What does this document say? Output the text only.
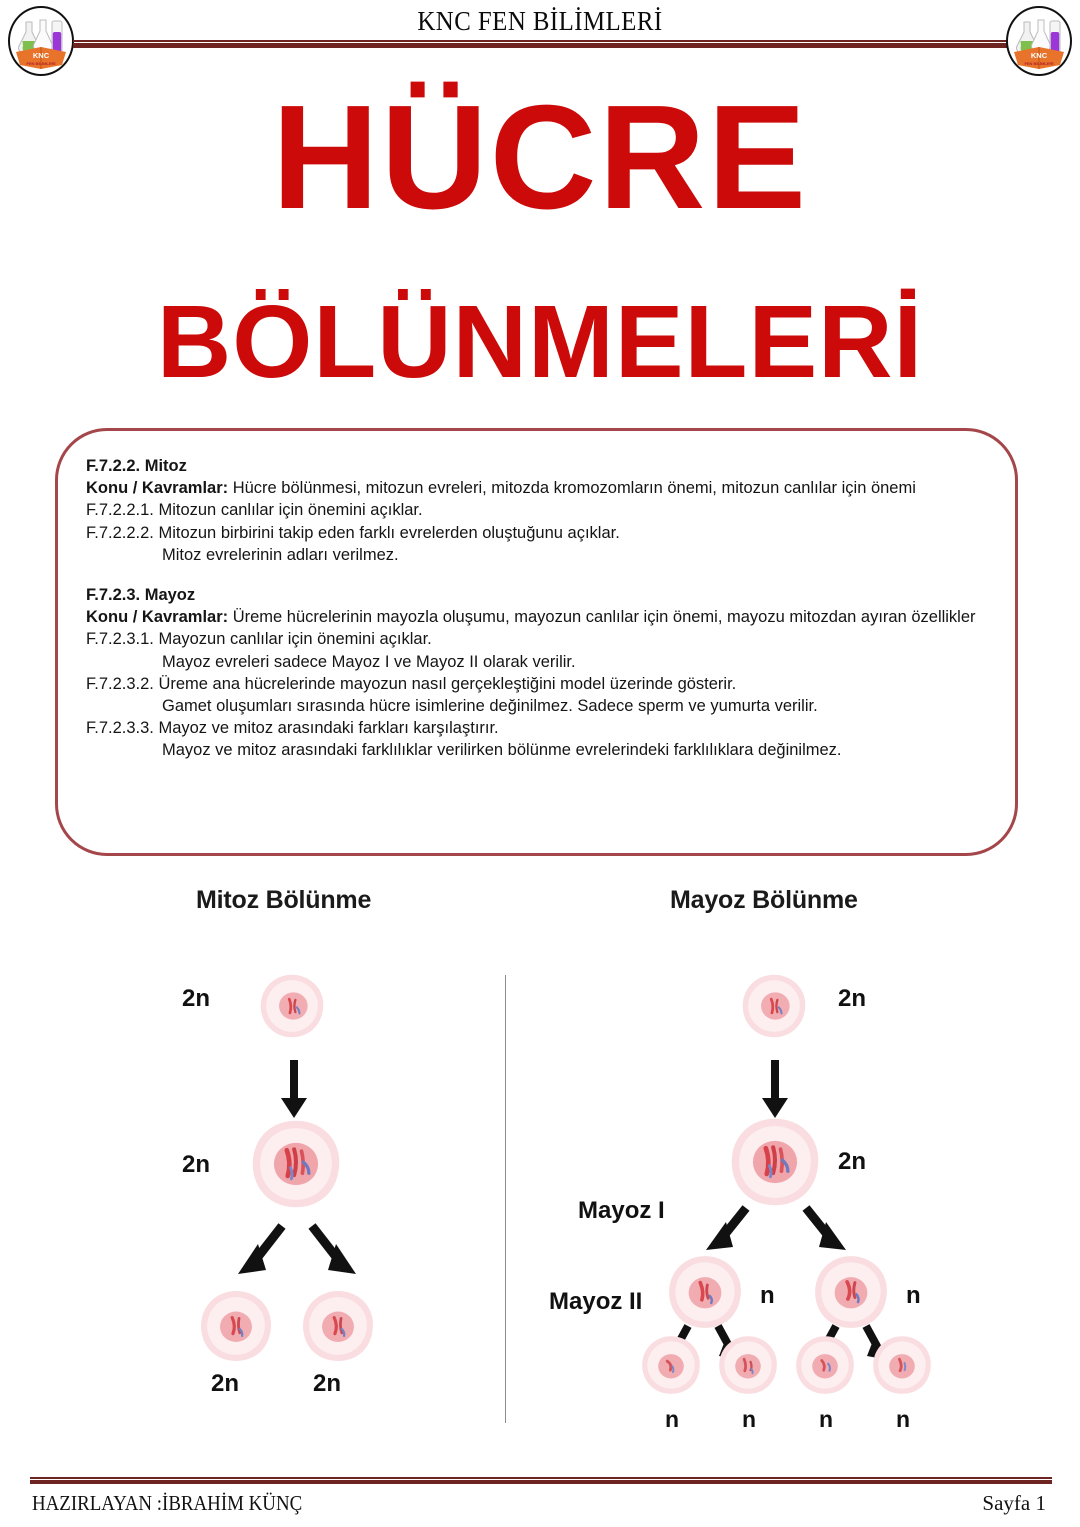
KNC
FEN BİLİMLERİ
KNC FEN BİLİMLERİ
KNC
FEN BİLİMLERİ
HÜCRE
BÖLÜNMELERİ

F.7.2.2. Mitoz

Konu / Kavramlar: Hücre bölünmesi, mitozun evreleri, mitozda kromozomların önemi, mitozun canlılar için önemi

F.7.2.2.1. Mitozun canlılar için önemini açıklar.

F.7.2.2.2. Mitozun birbirini takip eden farklı evrelerden oluştuğunu açıklar.

Mitoz evrelerinin adları verilmez.

F.7.2.3. Mayoz

Konu / Kavramlar: Üreme hücrelerinin mayozla oluşumu, mayozun canlılar için önemi, mayozu mitozdan ayıran özellikler

F.7.2.3.1. Mayozun canlılar için önemini açıklar.

Mayoz evreleri sadece Mayoz I ve Mayoz II olarak verilir.

F.7.2.3.2. Üreme ana hücrelerinde mayozun nasıl gerçekleştiğini model üzerinde gösterir.

Gamet oluşumları sırasında hücre isimlerine değinilmez. Sadece sperm ve yumurta verilir.

F.7.2.3.3. Mayoz ve mitoz arasındaki farkları karşılaştırır.

Mayoz ve mitoz arasındaki farklılıklar verilirken bölünme evrelerindeki farklılıklara değinilmez.

Mitoz Bölünme	Mayoz Bölünme
2n
2n
2n	2n
2n
2n
Mayoz I
n	n
Mayoz II
n	n	n	n
HAZIRLAYAN :İBRAHİM KÜNÇ	Sayfa 1
